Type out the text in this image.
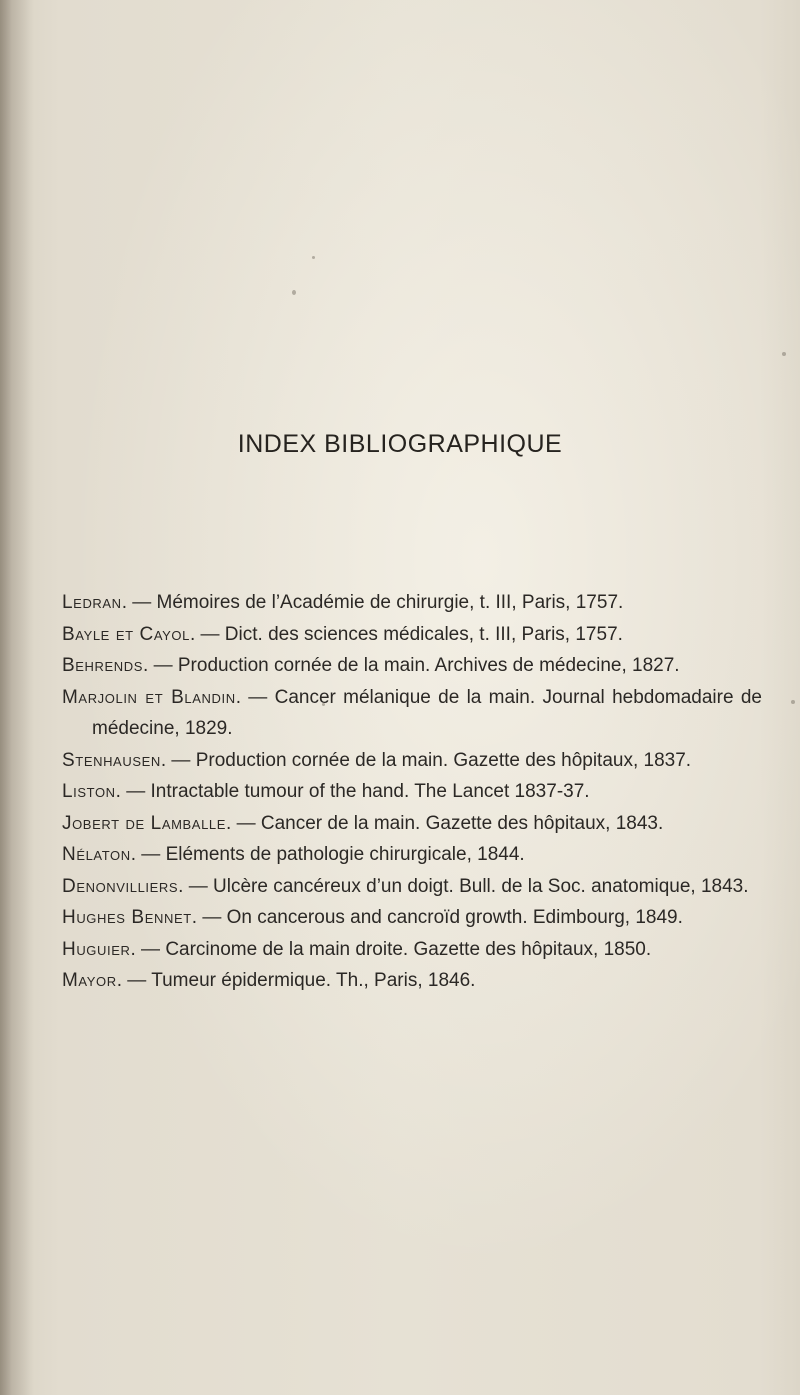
INDEX BIBLIOGRAPHIQUE
Ledran. — Mémoires de l’Académie de chirurgie, t. III, Paris, 1757.
Bayle et Cayol. — Dict. des sciences médicales, t. III, Paris, 1757.
Behrends. — Production cornée de la main. Archives de médecine, 1827.
Marjolin et Blandin. — Cancer mélanique de la main. Journal hebdomadaire de médecine, 1829.
Stenhausen. — Production cornée de la main. Gazette des hôpitaux, 1837.
Liston. — Intractable tumour of the hand. The Lancet 1837-37.
Jobert de Lamballe. — Cancer de la main. Gazette des hôpitaux, 1843.
Nélaton. — Eléments de pathologie chirurgicale, 1844.
Denonvilliers. — Ulcère cancéreux d’un doigt. Bull. de la Soc. anatomique, 1843.
Hughes Bennet. — On cancerous and cancroïd growth. Edimbourg, 1849.
Huguier. — Carcinome de la main droite. Gazette des hôpitaux, 1850.
Mayor. — Tumeur épidermique. Th., Paris, 1846.
